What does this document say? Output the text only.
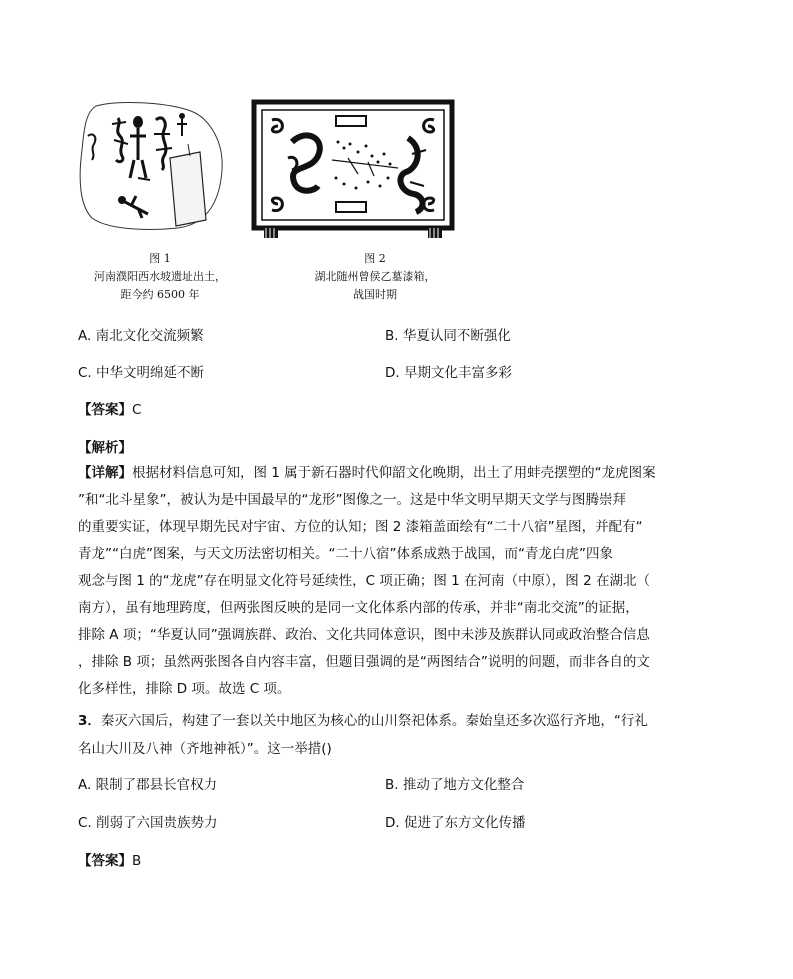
图 1
河南濮阳西水坡遗址出土，
距今约 6500 年
图 2
湖北随州曾侯乙墓漆箱，
战国时期
A. 南北文化交流频繁	B. 华夏认同不断强化
C. 中华文明绵延不断	D. 早期文化丰富多彩
【答案】C
【解析】
【详解】根据材料信息可知，图 1 属于新石器时代仰韶文化晚期，出土了用蚌壳摆塑的“龙虎图案
”和“北斗星象”，被认为是中国最早的“龙形”图像之一。这是中华文明早期天文学与图腾崇拜
的重要实证，体现早期先民对宇宙、方位的认知；图 2 漆箱盖面绘有“二十八宿”星图，并配有“
青龙”“白虎”图案，与天文历法密切相关。“二十八宿”体系成熟于战国，而“青龙白虎”四象
观念与图 1 的“龙虎”存在明显文化符号延续性，C 项正确；图 1 在河南（中原），图 2 在湖北（
南方），虽有地理跨度，但两张图反映的是同一文化体系内部的传承，并非“南北交流”的证据，
排除 A 项；“华夏认同”强调族群、政治、文化共同体意识，图中未涉及族群认同或政治整合信息
，排除 B 项；虽然两张图各自内容丰富，但题目强调的是“两图结合”说明的问题，而非各自的文
化多样性，排除 D 项。故选 C 项。
3．秦灭六国后，构建了一套以关中地区为核心的山川祭祀体系。秦始皇还多次巡行齐地，“行礼
名山大川及八神（齐地神祇）”。这一举措()
A. 限制了郡县长官权力	B. 推动了地方文化整合
C. 削弱了六国贵族势力	D. 促进了东方文化传播
【答案】B
